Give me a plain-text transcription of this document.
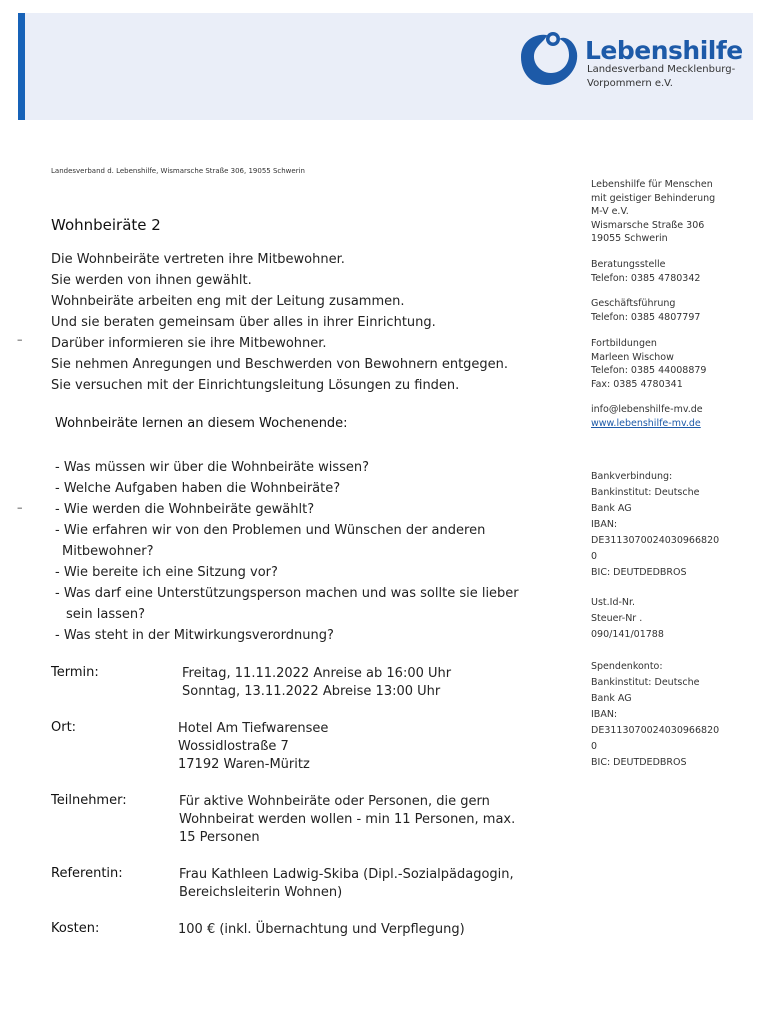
Lebenshilfe
Landesverband Mecklenburg-
Vorpommern e.V.
Landesverband d. Lebenshilfe, Wismarsche Straße 306, 19055 Schwerin
Wohnbeiräte 2
Die Wohnbeiräte vertreten ihre Mitbewohner.
Sie werden von ihnen gewählt.
Wohnbeiräte arbeiten eng mit der Leitung zusammen.
Und sie beraten gemeinsam über alles in ihrer Einrichtung.
Darüber informieren sie ihre Mitbewohner.
Sie nehmen Anregungen und Beschwerden von Bewohnern entgegen.
Sie versuchen mit der Einrichtungsleitung Lösungen zu finden.
–
–
Wohnbeiräte lernen an diesem Wochenende:
- Was müssen wir über die Wohnbeiräte wissen?
- Welche Aufgaben haben die Wohnbeiräte?
- Wie werden die Wohnbeiräte gewählt?
- Wie erfahren wir von den Problemen und Wünschen der anderen
Mitbewohner?
- Wie bereite ich eine Sitzung vor?
- Was darf eine Unterstützungsperson machen und was sollte sie lieber
sein lassen?
- Was steht in der Mitwirkungsverordnung?
Termin:	Freitag, 11.11.2022 Anreise ab 16:00 Uhr
Sonntag, 13.11.2022 Abreise 13:00 Uhr
Ort:	Hotel Am Tiefwarensee
Wossidlostraße 7
17192 Waren-Müritz
Teilnehmer:	Für aktive Wohnbeiräte oder Personen, die gern
Wohnbeirat werden wollen - min 11 Personen, max.
15 Personen
Referentin:	Frau Kathleen Ladwig-Skiba (Dipl.-Sozialpädagogin,
Bereichsleiterin Wohnen)
Kosten:	100 € (inkl. Übernachtung und Verpflegung)
Lebenshilfe für Menschen
mit geistiger Behinderung
M-V e.V.
Wismarsche Straße 306
19055 Schwerin
Beratungsstelle
Telefon: 0385 4780342
Geschäftsführung
Telefon: 0385 4807797
Fortbildungen
Marleen Wischow
Telefon: 0385 44008879
Fax: 0385 4780341
info@lebenshilfe-mv.de
www.lebenshilfe-mv.de
Bankverbindung:
Bankinstitut: Deutsche
Bank AG
IBAN:
DE3113070024030966820
0
BIC: DEUTDEDBROS
Ust.Id-Nr.
Steuer-Nr .
090/141/01788
Spendenkonto:
Bankinstitut: Deutsche
Bank AG
IBAN:
DE3113070024030966820
0
BIC: DEUTDEDBROS
